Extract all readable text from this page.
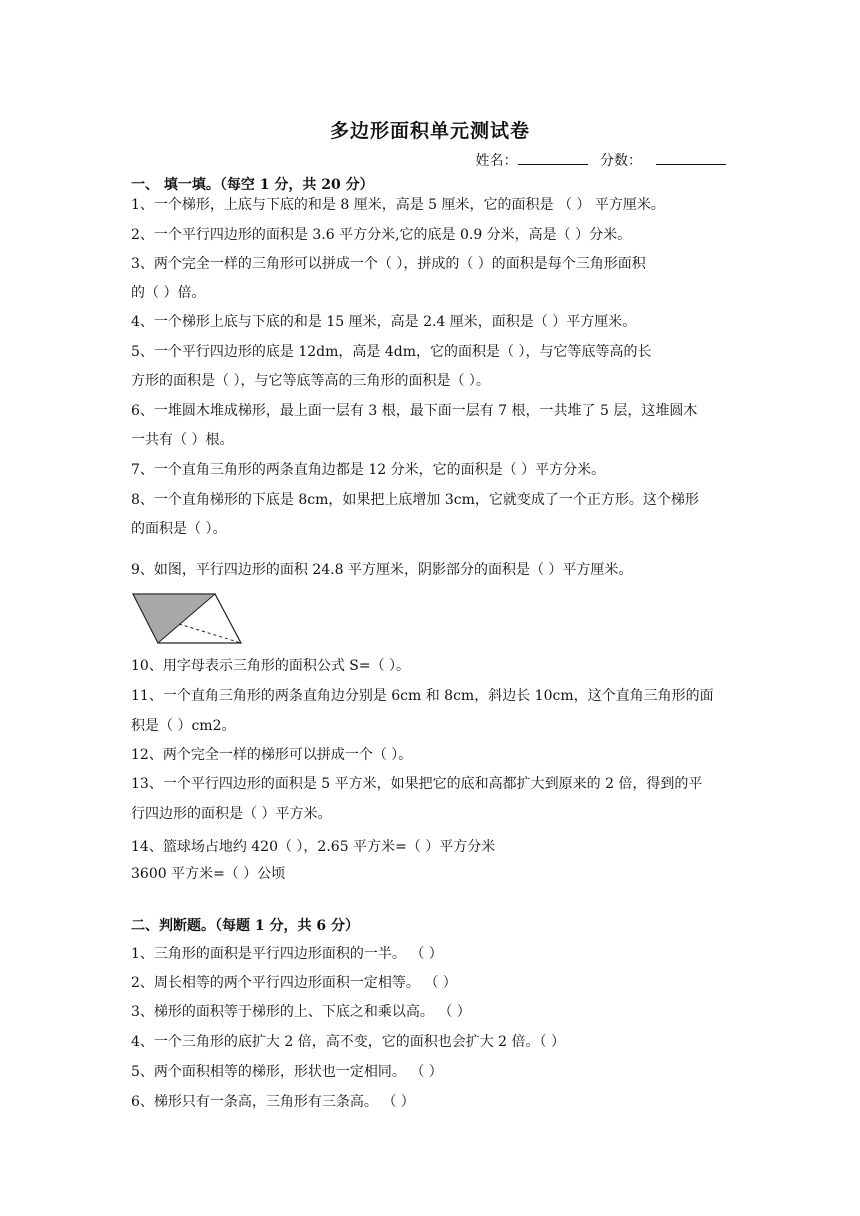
多边形面积单元测试卷
姓名：	分数：
一、 填一填。（每空 1 分，共 20 分）
1、一个梯形，上底与下底的和是 8 厘米，高是 5 厘米，它的面积是 （ ） 平方厘米。
2、一个平行四边形的面积是 3.6 平方分米,它的底是 0.9 分米，高是（ ）分米。
3、两个完全一样的三角形可以拼成一个（ ），拼成的（ ）的面积是每个三角形面积
的（ ）倍。
4、一个梯形上底与下底的和是 15 厘米，高是 2.4 厘米，面积是（ ）平方厘米。
5、一个平行四边形的底是 12dm，高是 4dm，它的面积是（ ），与它等底等高的长
方形的面积是（ ），与它等底等高的三角形的面积是（ ）。
6、一堆圆木堆成梯形，最上面一层有 3 根，最下面一层有 7 根，一共堆了 5 层，这堆圆木
一共有（ ）根。
7、一个直角三角形的两条直角边都是 12 分米，它的面积是（ ）平方分米。
8、一个直角梯形的下底是 8cm，如果把上底增加 3cm，它就变成了一个正方形。这个梯形
的面积是（ ）。
9、如图，平行四边形的面积 24.8 平方厘米，阴影部分的面积是（ ）平方厘米。
10、用字母表示三角形的面积公式 S=（ ）。
11、一个直角三角形的两条直角边分别是 6cm 和 8cm，斜边长 10cm，这个直角三角形的面
积是（ ）cm2。
12、两个完全一样的梯形可以拼成一个（ ）。
13、一个平行四边形的面积是 5 平方米，如果把它的底和高都扩大到原来的 2 倍，得到的平
行四边形的面积是（ ）平方米。
14、篮球场占地约 420（ ），2.65 平方米=（ ）平方分米
3600 平方米=（ ）公顷
二、判断题。（每题 1 分，共 6 分）
1、三角形的面积是平行四边形面积的一半。 （ ）
2、周长相等的两个平行四边形面积一定相等。 （ ）
3、梯形的面积等于梯形的上、下底之和乘以高。 （ ）
4、一个三角形的底扩大 2 倍，高不变，它的面积也会扩大 2 倍。（ ）
5、两个面积相等的梯形，形状也一定相同。 （ ）
6、梯形只有一条高，三角形有三条高。 （ ）
